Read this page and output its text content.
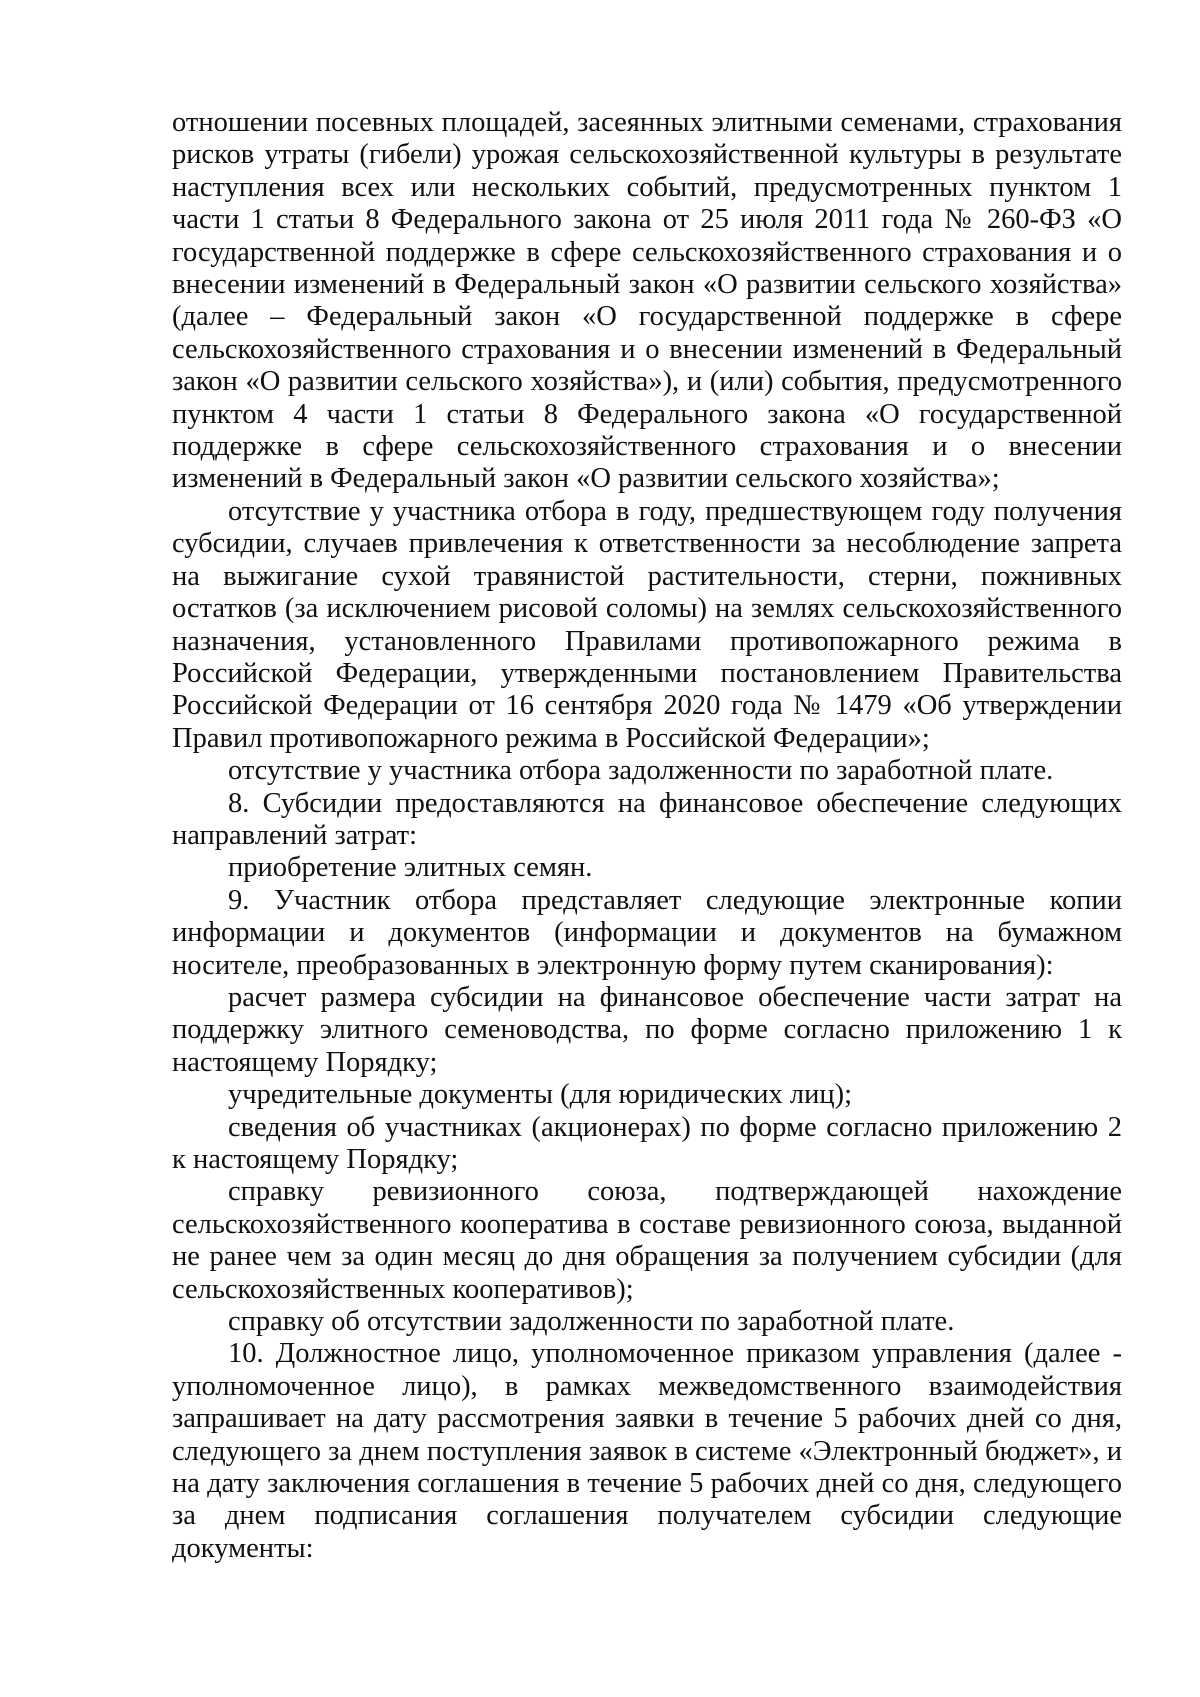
отношении посевных площадей, засеянных элитными семенами, страхования рисков утраты (гибели) урожая сельскохозяйственной культуры в результате наступления всех или нескольких событий, предусмотренных пунктом 1 части 1 статьи 8 Федерального закона от 25 июля 2011 года № 260-ФЗ «О государственной поддержке в сфере сельскохозяйственного страхования и о внесении изменений в Федеральный закон «О развитии сельского хозяйства» (далее – Федеральный закон «О государственной поддержке в сфере сельскохозяйственного страхования и о внесении изменений в Федеральный закон «О развитии сельского хозяйства»), и (или) события, предусмотренного пунктом 4 части 1 статьи 8 Федерального закона «О государственной поддержке в сфере сельскохозяйственного страхования и о внесении изменений в Федеральный закон «О развитии сельского хозяйства»;

отсутствие у участника отбора в году, предшествующем году получения субсидии, случаев привлечения к ответственности за несоблюдение запрета на выжигание сухой травянистой растительности, стерни, пожнивных остатков (за исключением рисовой соломы) на землях сельскохозяйственного назначения, установленного Правилами противопожарного режима в Российской Федерации, утвержденными постановлением Правительства Российской Федерации от 16 сентября 2020 года № 1479 «Об утверждении Правил противопожарного режима в Российской Федерации»;

отсутствие у участника отбора задолженности по заработной плате.

8. Субсидии предоставляются на финансовое обеспечение следующих направлений затрат:

приобретение элитных семян.

9. Участник отбора представляет следующие электронные копии информации и документов (информации и документов на бумажном носителе, преобразованных в электронную форму путем сканирования):

расчет размера субсидии на финансовое обеспечение части затрат на поддержку элитного семеноводства, по форме согласно приложению 1 к настоящему Порядку;

учредительные документы (для юридических лиц);

сведения об участниках (акционерах) по форме согласно приложению 2 к настоящему Порядку;

справку ревизионного союза, подтверждающей нахождение сельскохозяйственного кооператива в составе ревизионного союза, выданной не ранее чем за один месяц до дня обращения за получением субсидии (для сельскохозяйственных кооперативов);

справку об отсутствии задолженности по заработной плате.

10. Должностное лицо, уполномоченное приказом управления (далее - уполномоченное лицо), в рамках межведомственного взаимодействия запрашивает на дату рассмотрения заявки в течение 5 рабочих дней со дня, следующего за днем поступления заявок в системе «Электронный бюджет», и на дату заключения соглашения в течение 5 рабочих дней со дня, следующего за днем подписания соглашения получателем субсидии следующие документы:
